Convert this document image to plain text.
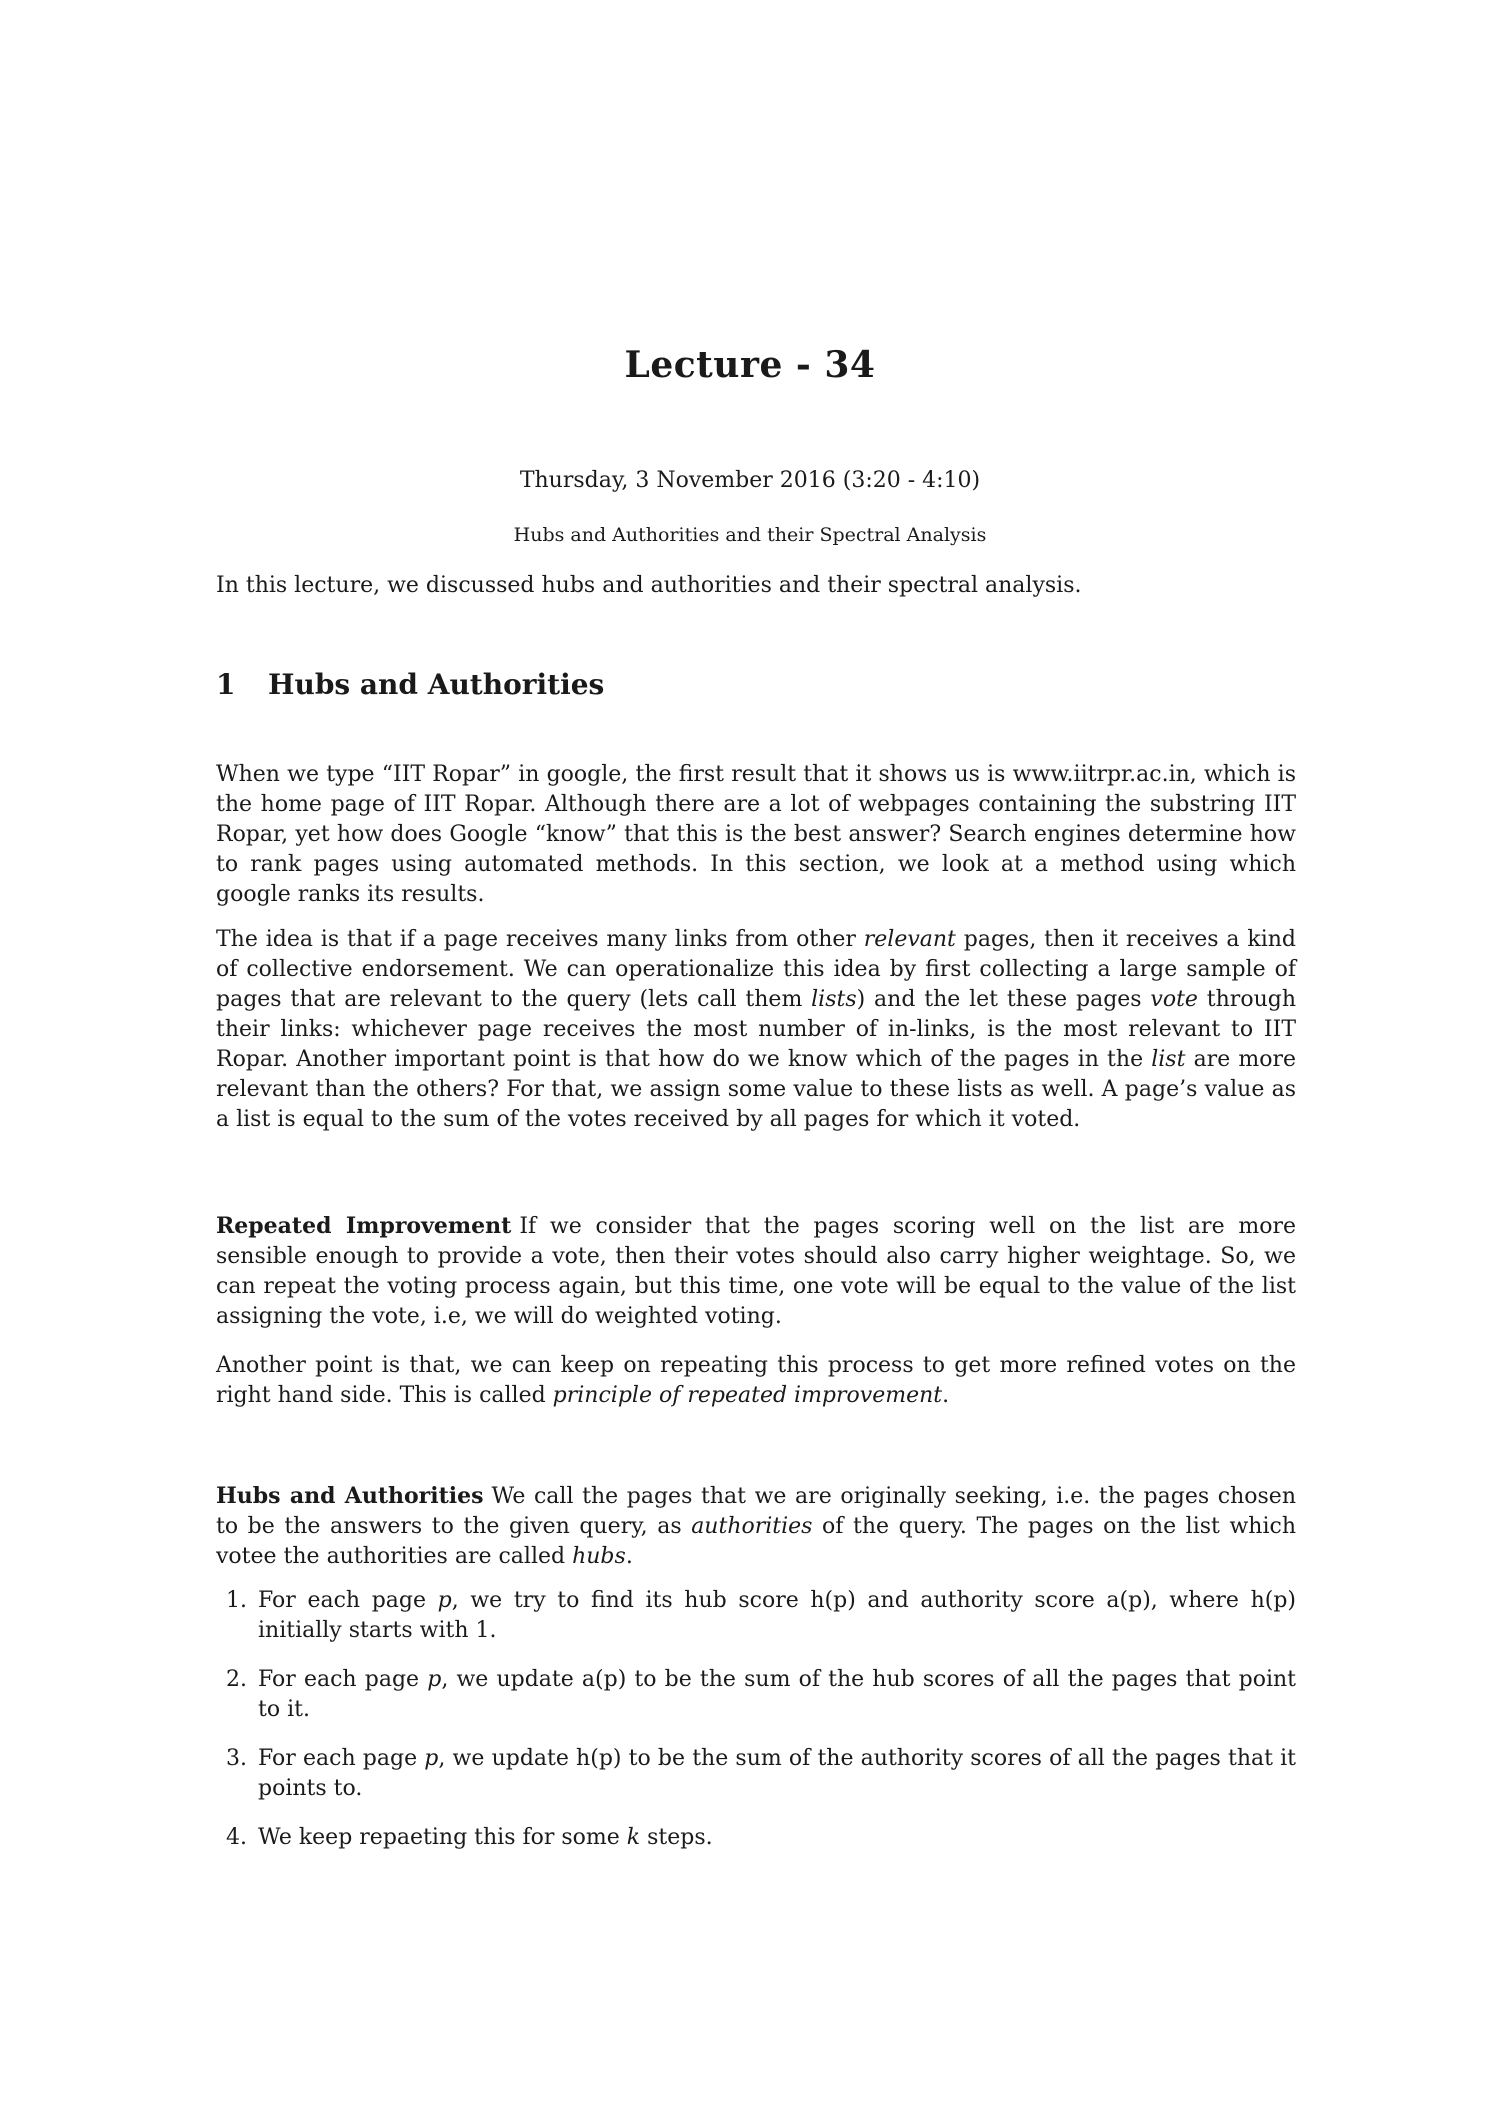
Lecture - 34
Thursday, 3 November 2016 (3:20 - 4:10)
Hubs and Authorities and their Spectral Analysis

In this lecture, we discussed hubs and authorities and their spectral analysis.

1 Hubs and Authorities

When we type “IIT Ropar” in google, the first result that it shows us is www.iitrpr.ac.in, which is the home page of IIT Ropar. Although there are a lot of webpages containing the substring IIT Ropar, yet how does Google “know” that this is the best answer? Search engines determine how to rank pages using automated methods. In this section, we look at a method using which google ranks its results.

The idea is that if a page receives many links from other relevant pages, then it receives a kind of collective endorsement. We can operationalize this idea by first collecting a large sample of pages that are relevant to the query (lets call them lists) and the let these pages vote through their links: whichever page receives the most number of in-links, is the most relevant to IIT Ropar. Another important point is that how do we know which of the pages in the list are more relevant than the others? For that, we assign some value to these lists as well. A page’s value as a list is equal to the sum of the votes received by all pages for which it voted.

Repeated Improvement If we consider that the pages scoring well on the list are more sensible enough to provide a vote, then their votes should also carry higher weightage. So, we can repeat the voting process again, but this time, one vote will be equal to the value of the list assigning the vote, i.e, we will do weighted voting.

Another point is that, we can keep on repeating this process to get more refined votes on the right hand side. This is called principle of repeated improvement.

Hubs and Authorities We call the pages that we are originally seeking, i.e. the pages chosen to be the answers to the given query, as authorities of the query. The pages on the list which votee the authorities are called hubs.

1. For each page p, we try to find its hub score h(p) and authority score a(p), where h(p) initially starts with 1.
2. For each page p, we update a(p) to be the sum of the hub scores of all the pages that point to it.
3. For each page p, we update h(p) to be the sum of the authority scores of all the pages that it points to.
4. We keep repaeting this for some k steps.
